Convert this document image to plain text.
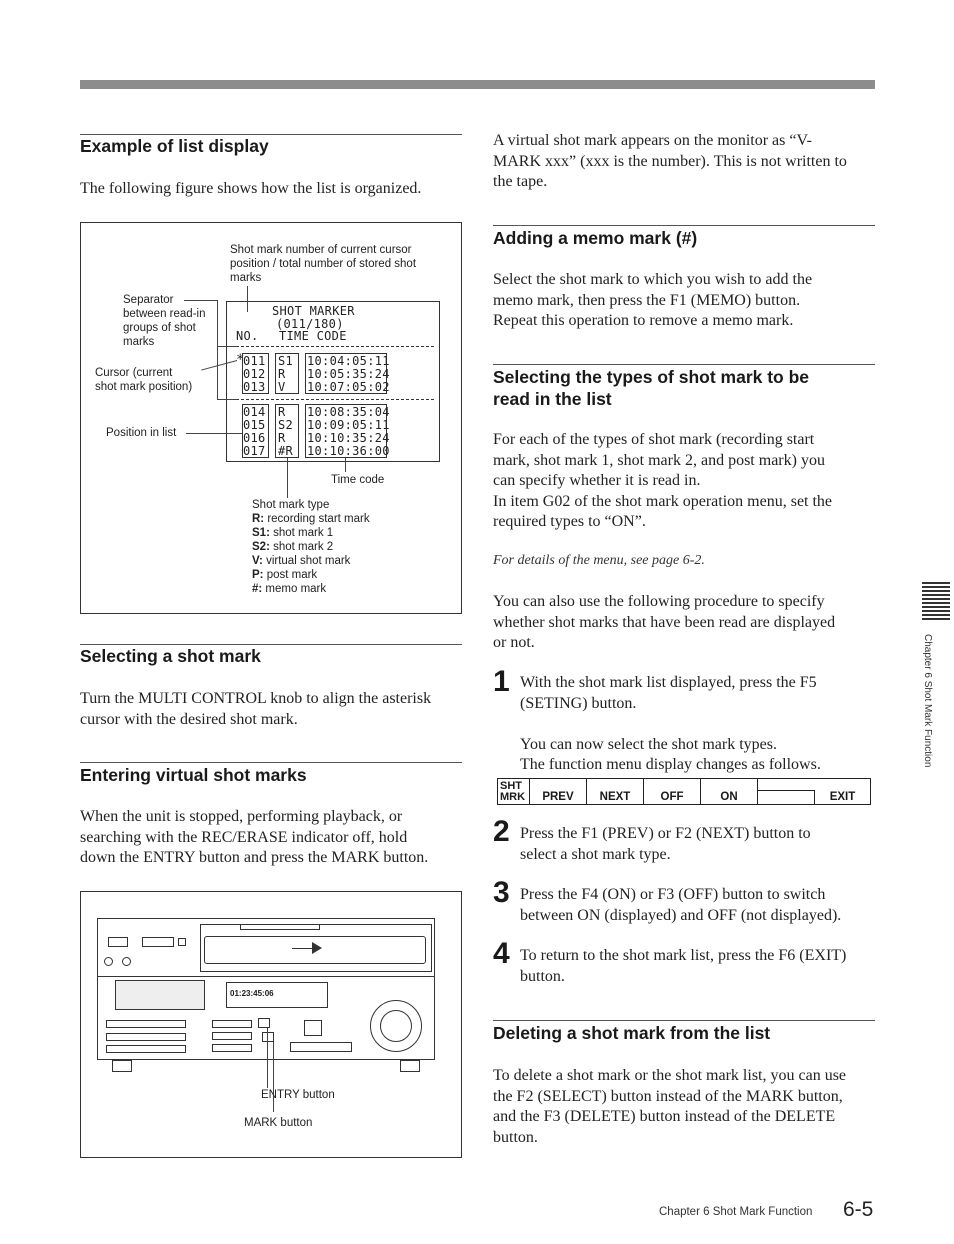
Example of list display
The following figure shows how the list is organized.
SHOT MARKER
(011/180)
NO. TIME CODE
*
011 S1 10:04:05:11
012 R 10:05:35:24
013 V 10:07:05:02
014 R 10:08:35:04
015 S2 10:09:05:11
016 R 10:10:35:24
017 #R 10:10:36:00
Shot mark number of current cursor
position / total number of stored shot
marks
Separator
between read-in
groups of shot
marks
Cursor (current
shot mark position)
Position in list
Time code
Shot mark type
R: recording start mark
S1: shot mark 1
S2: shot mark 2
V: virtual shot mark
P: post mark
#: memo mark
Selecting a shot mark
Turn the MULTI CONTROL knob to align the asterisk
cursor with the desired shot mark.
Entering virtual shot marks
When the unit is stopped, performing playback, or
searching with the REC/ERASE indicator off, hold
down the ENTRY button and press the MARK button.
01:23:45:06
ENTRY button
MARK button
A virtual shot mark appears on the monitor as “V-
MARK xxx” (xxx is the number). This is not written to
the tape.
Adding a memo mark (#)
Select the shot mark to which you wish to add the
memo mark, then press the F1 (MEMO) button.
Repeat this operation to remove a memo mark.
Selecting the types of shot mark to be
read in the list
For each of the types of shot mark (recording start
mark, shot mark 1, shot mark 2, and post mark) you
can specify whether it is read in.
In item G02 of the shot mark operation menu, set the
required types to “ON”.
For details of the menu, see page 6-2.
You can also use the following procedure to specify
whether shot marks that have been read are displayed
or not.
1 With the shot mark list displayed, press the F5
(SETING) button.
You can now select the shot mark types.
The function menu display changes as follows.
SHT
MRK	PREV	NEXT	OFF	ON	EXIT
2 Press the F1 (PREV) or F2 (NEXT) button to
select a shot mark type.
3 Press the F4 (ON) or F3 (OFF) button to switch
between ON (displayed) and OFF (not displayed).
4 To return to the shot mark list, press the F6 (EXIT)
button.
Deleting a shot mark from the list
To delete a shot mark or the shot mark list, you can use
the F2 (SELECT) button instead of the MARK button,
and the F3 (DELETE) button instead of the DELETE
button.
Chapter 6 Shot Mark Function
Chapter 6 Shot Mark Function 6-5
